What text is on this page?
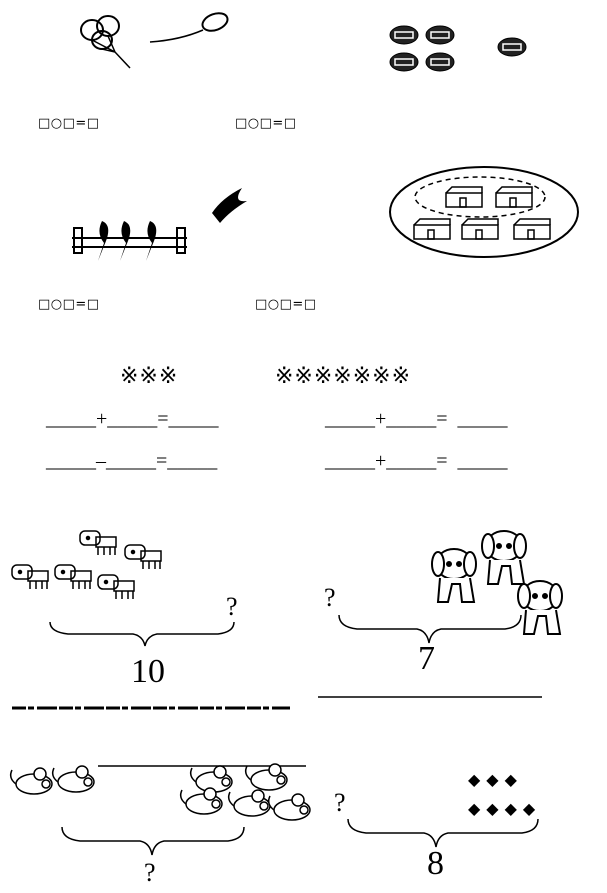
□○□=□	□○□=□
□○□=□	□○□=□
※※※	※※※※※※※
_____+_____=_____	_____+_____=  _____
_____–_____=_____	_____+_____=  _____
?
10
?
7
?
◆◆◆
◆◆◆◆
?
8
